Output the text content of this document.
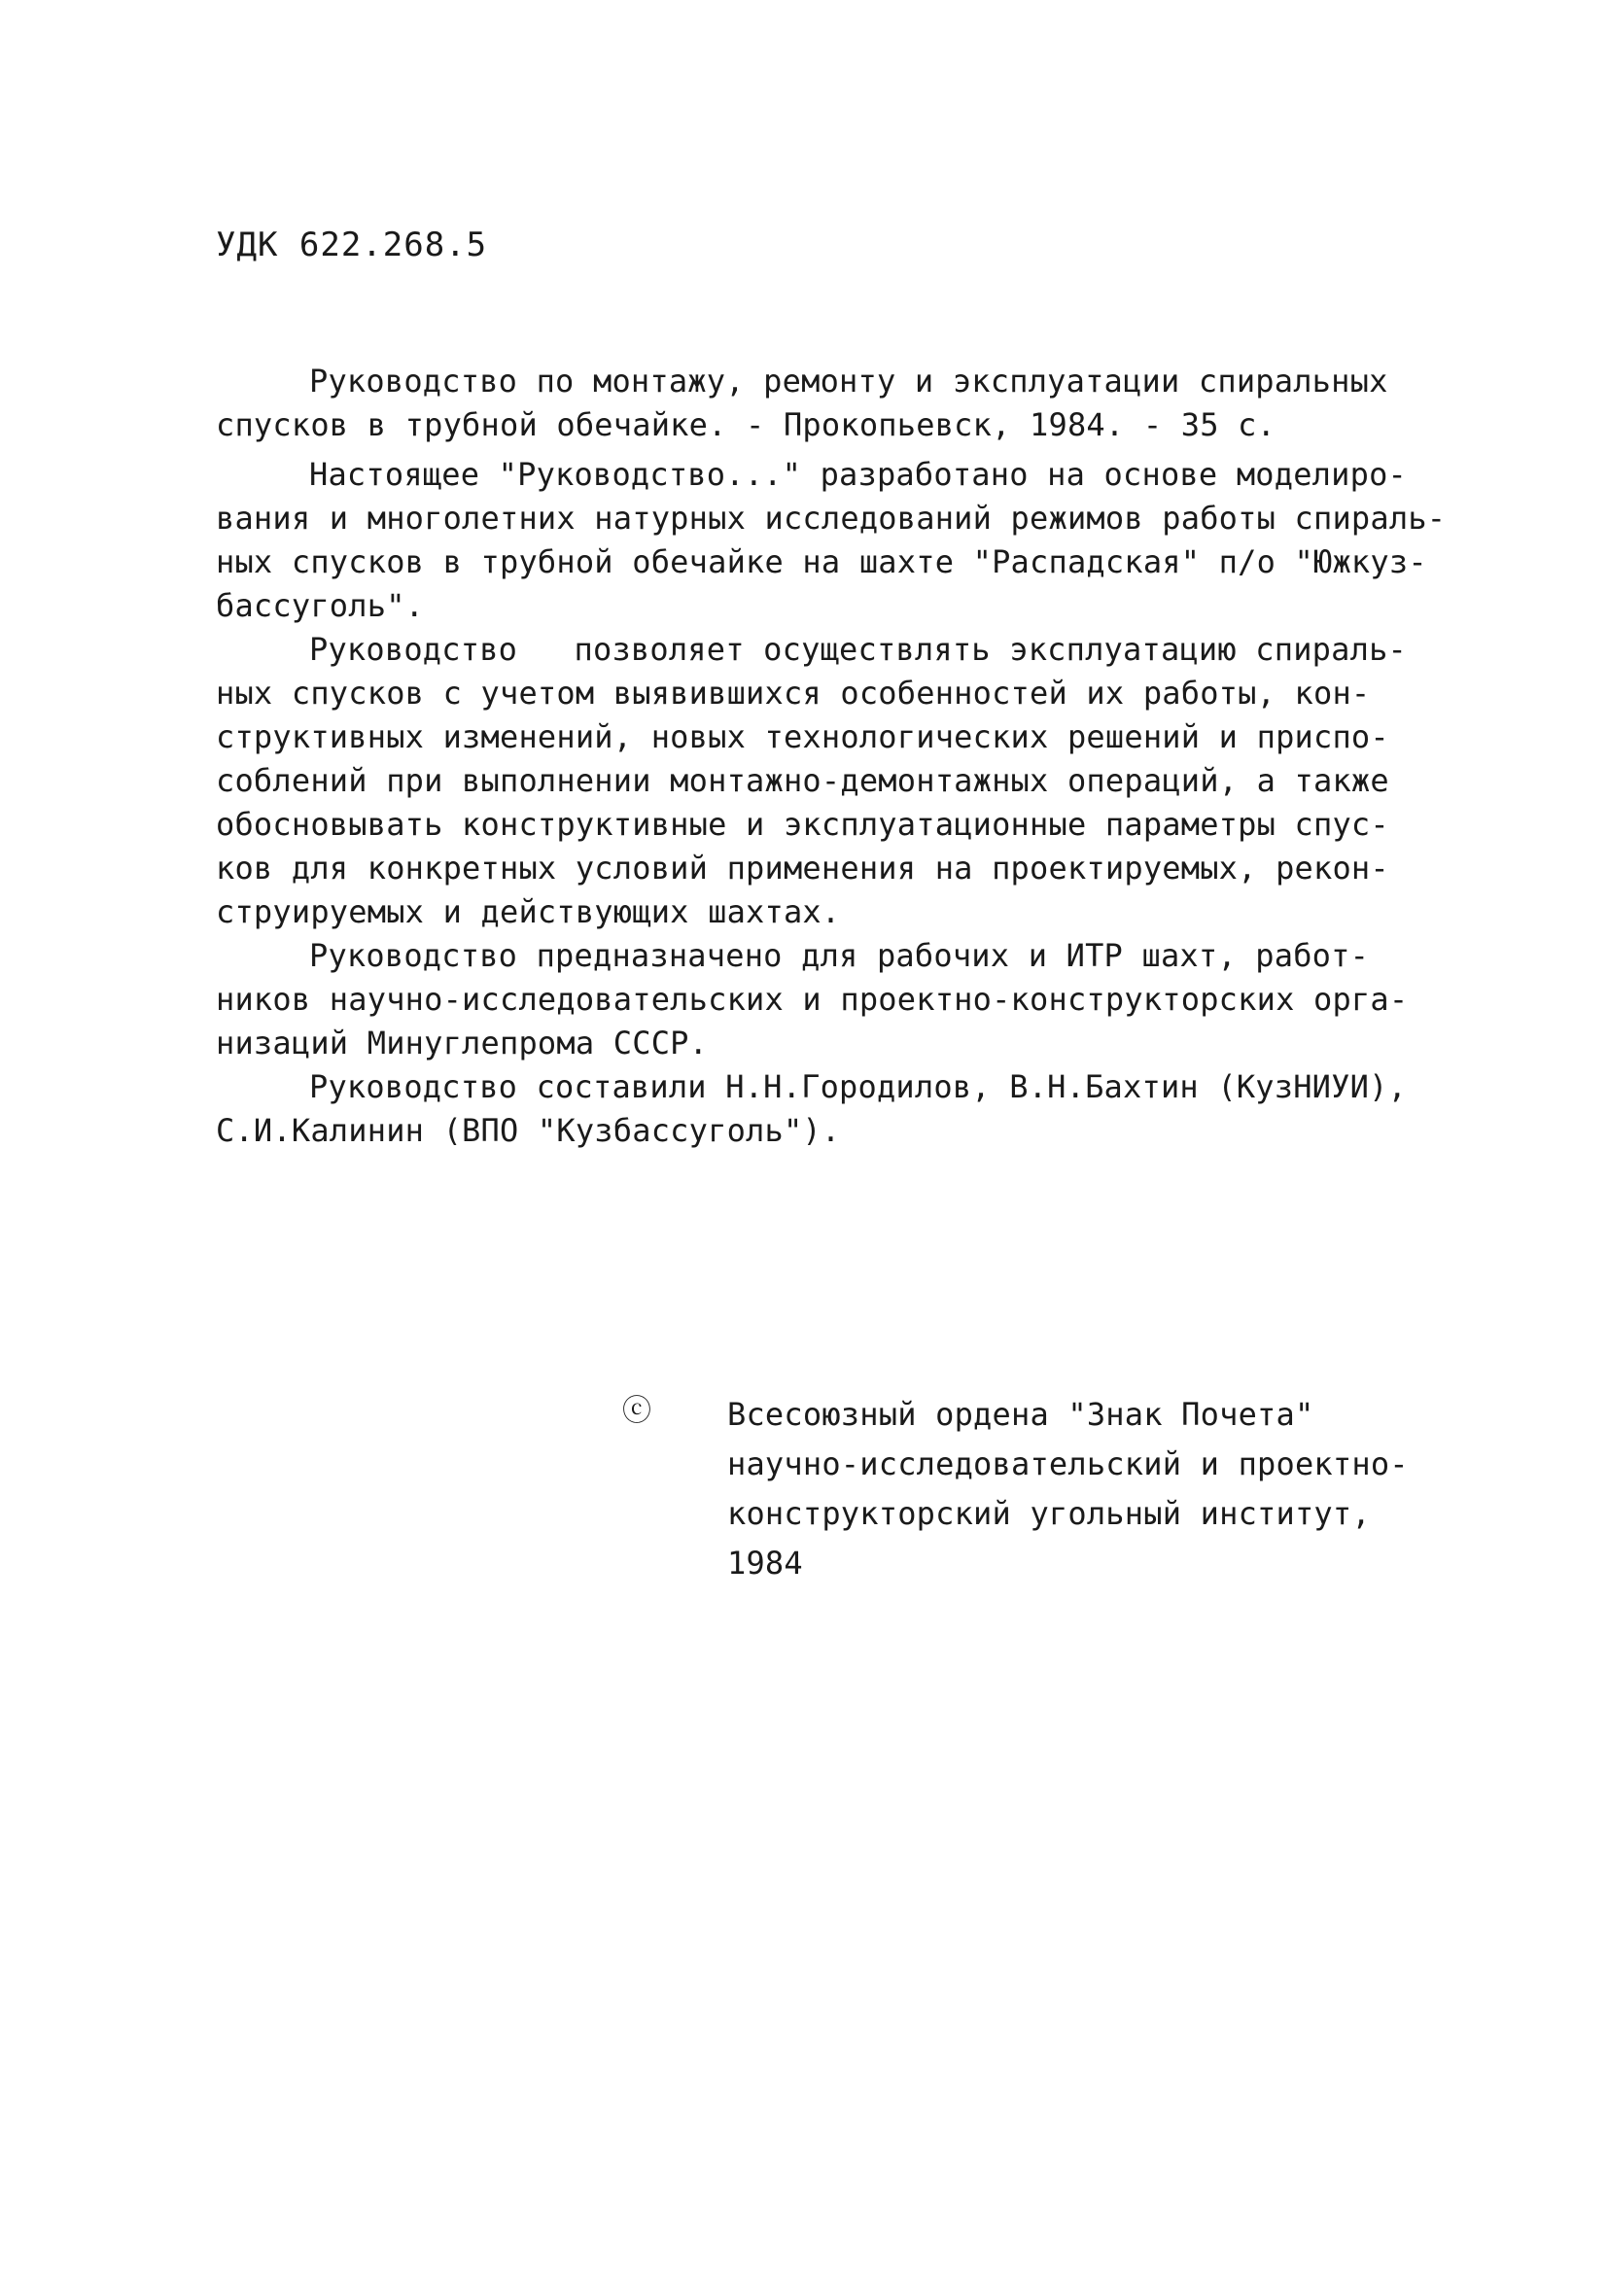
УДК 622.268.5
Руководство по монтажу, ремонту и эксплуатации спиральных
спусков в трубной обечайке. - Прокопьевск, 1984. - 35 с.
Настоящее "Руководство..." разработано на основе моделиро-
вания и многолетних натурных исследований режимов работы спираль-
ных спусков в трубной обечайке на шахте "Распадская" п/о "Южкуз-
бассуголь".
Руководство   позволяет осуществлять эксплуатацию спираль-
ных спусков с учетом выявившихся особенностей их работы, кон-
структивных изменений, новых технологических решений и приспо-
соблений при выполнении монтажно-демонтажных операций, а также
обосновывать конструктивные и эксплуатационные параметры спус-
ков для конкретных условий применения на проектируемых, рекон-
струируемых и действующих шахтах.
Руководство предназначено для рабочих и ИТР шахт, работ-
ников научно-исследовательских и проектно-конструкторских орга-
низаций Минуглепрома СССР.
Руководство составили Н.Н.Городилов, В.Н.Бахтин (КузНИУИ),
С.И.Калинин (ВПО "Кузбассуголь").
ⓒ Всесоюзный ордена "Знак Почета"
научно-исследовательский и проектно-
конструкторский угольный институт,
1984
